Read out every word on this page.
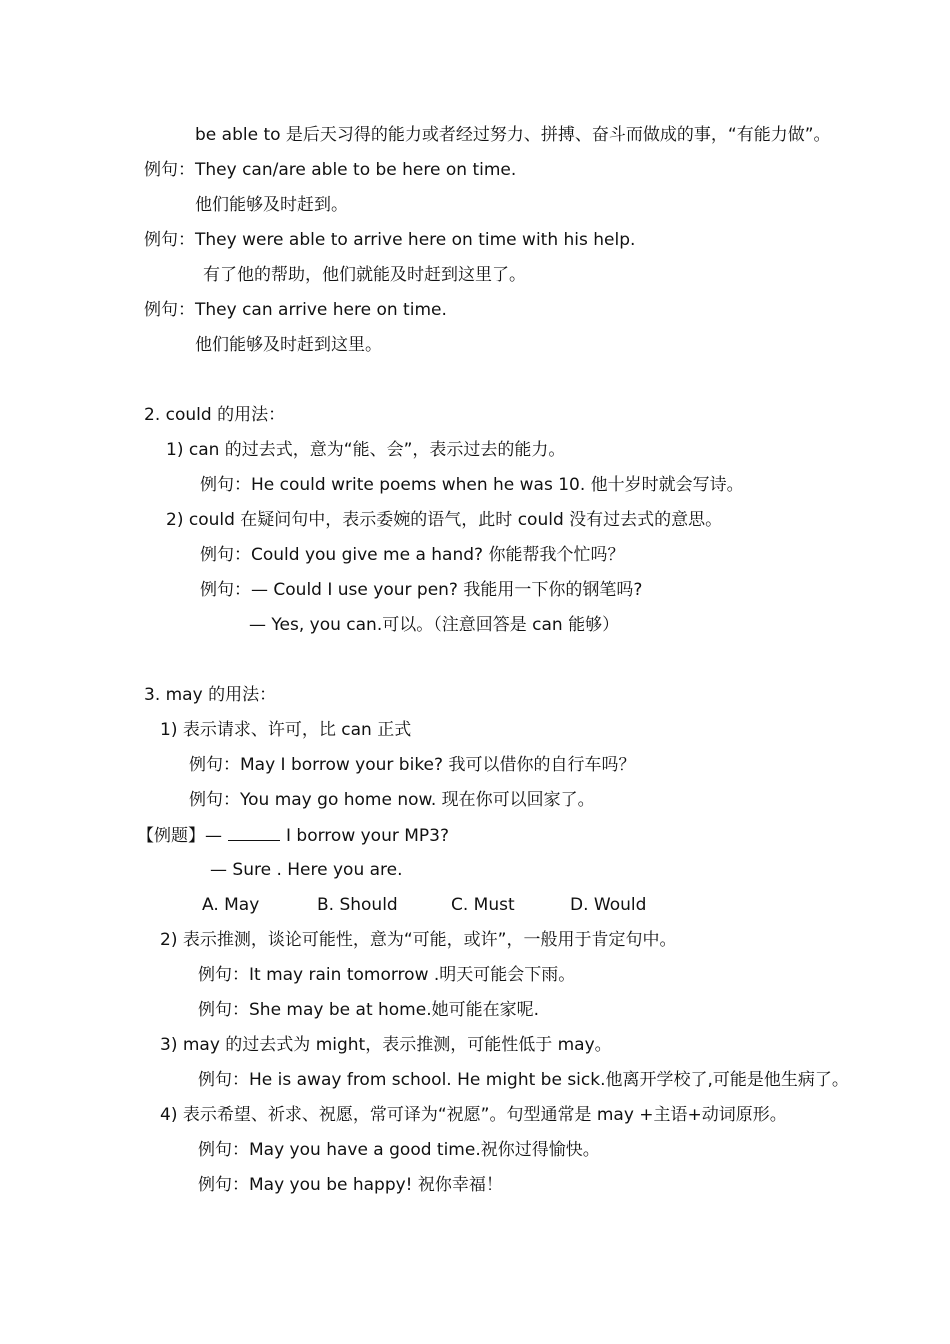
be able to 是后天习得的能力或者经过努力、拼搏、奋斗而做成的事，“有能力做”。
例句：They can/are able to be here on time.
他们能够及时赶到。
例句：They were able to arrive here on time with his help.
有了他的帮助，他们就能及时赶到这里了。
例句：They can arrive here on time.
他们能够及时赶到这里。
2. could 的用法：
1) can 的过去式，意为“能、会”，表示过去的能力。
例句：He could write poems when he was 10. 他十岁时就会写诗。
2) could 在疑问句中，表示委婉的语气，此时 could 没有过去式的意思。
例句：Could you give me a hand? 你能帮我个忙吗？
例句：— Could I use your pen? 我能用一下你的钢笔吗?
— Yes, you can.可以。（注意回答是 can 能够）
3. may 的用法：
1) 表示请求、许可，比 can 正式
例句：May I borrow your bike? 我可以借你的自行车吗？
例句：You may go home now. 现在你可以回家了。
【例题】—	I borrow your MP3?
— Sure . Here you are.
A. May	B. Should	C. Must	D. Would
2) 表示推测，谈论可能性，意为“可能，或许”，一般用于肯定句中。
例句：It may rain tomorrow .明天可能会下雨。
例句：She may be at home.她可能在家呢.
3) may 的过去式为 might，表示推测，可能性低于 may。
例句：He is away from school. He might be sick.他离开学校了,可能是他生病了。
4) 表示希望、祈求、祝愿，常可译为“祝愿”。句型通常是 may +主语+动词原形。
例句：May you have a good time.祝你过得愉快。
例句：May you be happy! 祝你幸福！
